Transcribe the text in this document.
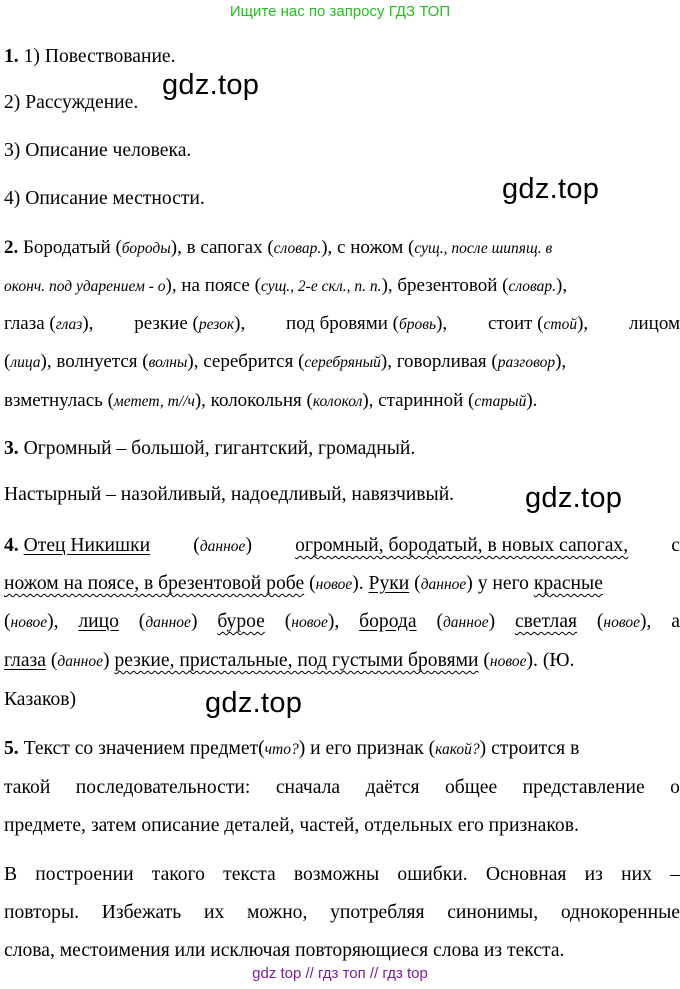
Ищите нас по запросу ГДЗ ТОП
1. 1) Повествование.
2) Рассуждение.
3) Описание человека.
4) Описание местности.
gdz.top
gdz.top
2. Бородатый (бороды), в сапогах (словар.), с ножом (сущ., после шипящ. в
оконч. под ударением - о), на поясе (сущ., 2-е скл., п. п.), брезентовой (словар.),
глаза (глаз), резкие (резок), под бровями (бровь), стоит (стой), лицом
(лица), волнуется (волны), серебрится (серебряный), говорливая (разговор),
взметнулась (метет, т//ч), колокольня (колокол), старинной (старый).
3. Огромный – большой, гигантский, громадный.
Настырный – назойливый, надоедливый, навязчивый.	gdz.top
4. Отец Никишки (данное) огромный, бородатый, в новых сапогах, с
ножом на поясе, в брезентовой робе (новое). Руки (данное) у него красные
(новое), лицо (данное) бурое (новое), борода (данное) светлая (новое), а
глаза (данное) резкие, пристальные, под густыми бровями (новое). (Ю.
Казаков)	gdz.top
5. Текст со значением предмет(что?) и его признак (какой?) строится в
такой последовательности: сначала даётся общее представление о
предмете, затем описание деталей, частей, отдельных его признаков.
В построении такого текста возможны ошибки. Основная из них –
повторы. Избежать их можно, употребляя синонимы, однокоренные
слова, местоимения или исключая повторяющиеся слова из текста.
gdz top // гдз топ // гдз top
